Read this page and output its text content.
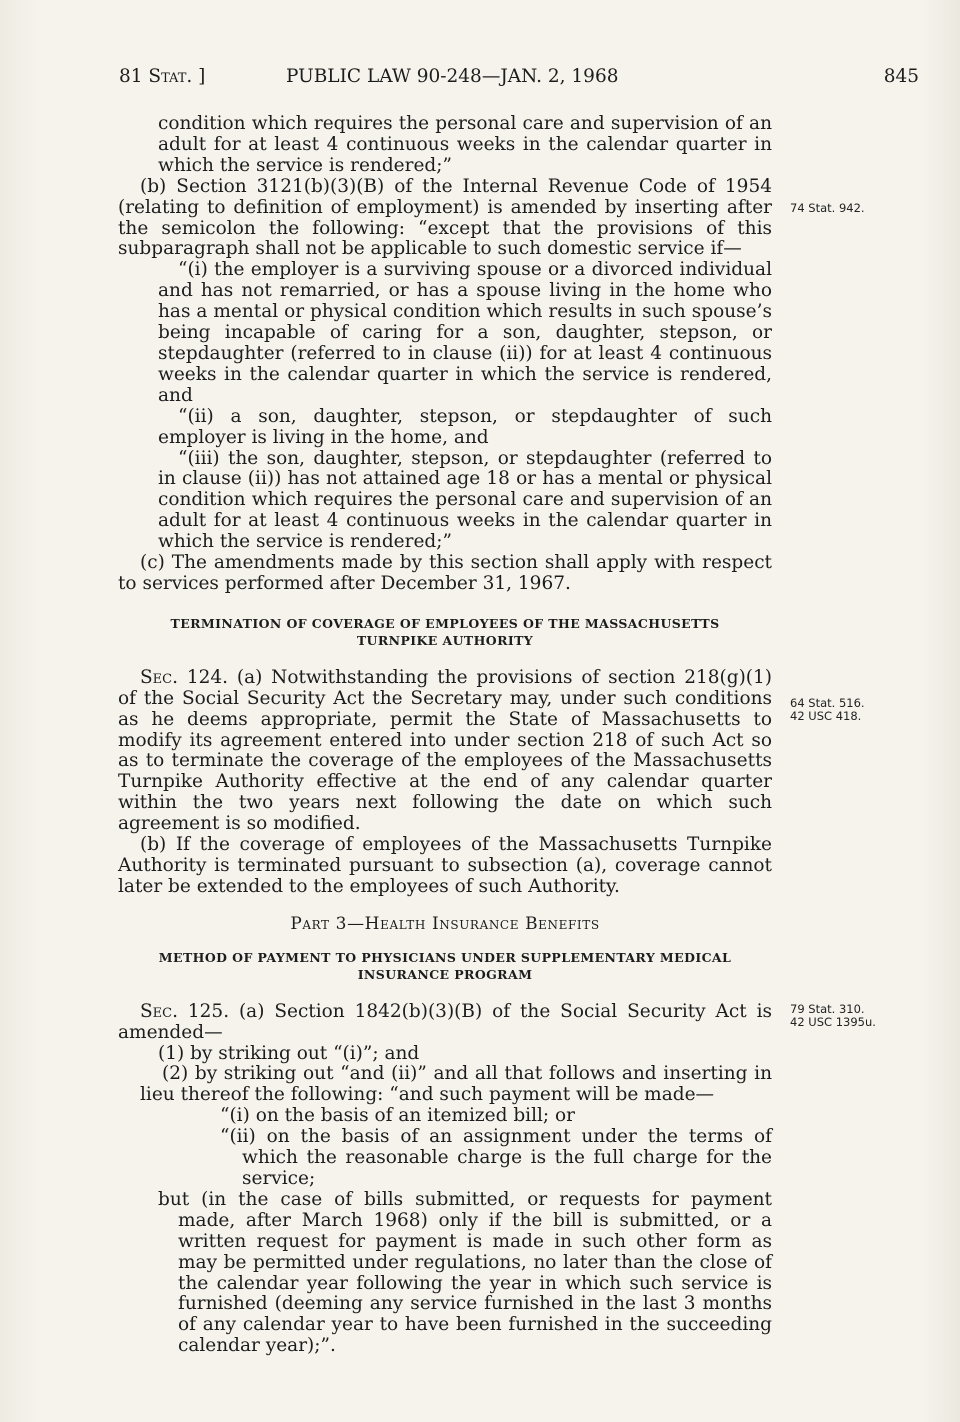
81 Stat. ]	PUBLIC LAW 90-248—JAN. 2, 1968	845
74 Stat. 942.
64 Stat. 516.
42 USC 418.
79 Stat. 310.
42 USC 1395u.

condition which requires the personal care and supervision of an adult for at least 4 continuous weeks in the calendar quarter in which the service is rendered;”

(b) Section 3121(b)(3)(B) of the Internal Revenue Code of 1954 (relating to definition of employment) is amended by inserting after the semicolon the following: “except that the provisions of this subparagraph shall not be applicable to such domestic service if—

“(i) the employer is a surviving spouse or a divorced individual and has not remarried, or has a spouse living in the home who has a mental or physical condition which results in such spouse’s being incapable of caring for a son, daughter, stepson, or stepdaughter (referred to in clause (ii)) for at least 4 continuous weeks in the calendar quarter in which the service is rendered, and

“(ii) a son, daughter, stepson, or stepdaughter of such employer is living in the home, and

“(iii) the son, daughter, stepson, or stepdaughter (referred to in clause (ii)) has not attained age 18 or has a mental or physical condition which requires the personal care and supervision of an adult for at least 4 continuous weeks in the calendar quarter in which the service is rendered;”

(c) The amendments made by this section shall apply with respect to services performed after December 31, 1967.

TERMINATION OF COVERAGE OF EMPLOYEES OF THE MASSACHUSETTS TURNPIKE AUTHORITY

Sec. 124. (a) Notwithstanding the provisions of section 218(g)(1) of the Social Security Act the Secretary may, under such conditions as he deems appropriate, permit the State of Massachusetts to modify its agreement entered into under section 218 of such Act so as to terminate the coverage of the employees of the Massachusetts Turnpike Authority effective at the end of any calendar quarter within the two years next following the date on which such agreement is so modified.

(b) If the coverage of employees of the Massachusetts Turnpike Authority is terminated pursuant to subsection (a), coverage cannot later be extended to the employees of such Authority.

Part 3—Health Insurance Benefits
METHOD OF PAYMENT TO PHYSICIANS UNDER SUPPLEMENTARY MEDICAL INSURANCE PROGRAM

Sec. 125. (a) Section 1842(b)(3)(B) of the Social Security Act is amended—

(1) by striking out “(i)”; and

(2) by striking out “and (ii)” and all that follows and inserting in lieu thereof the following: “and such payment will be made—

“(i) on the basis of an itemized bill; or

“(ii) on the basis of an assignment under the terms of which the reasonable charge is the full charge for the service;

but (in the case of bills submitted, or requests for payment made, after March 1968) only if the bill is submitted, or a written request for payment is made in such other form as may be permitted under regulations, no later than the close of the calendar year following the year in which such service is furnished (deeming any service furnished in the last 3 months of any calendar year to have been furnished in the succeeding calendar year);”.
